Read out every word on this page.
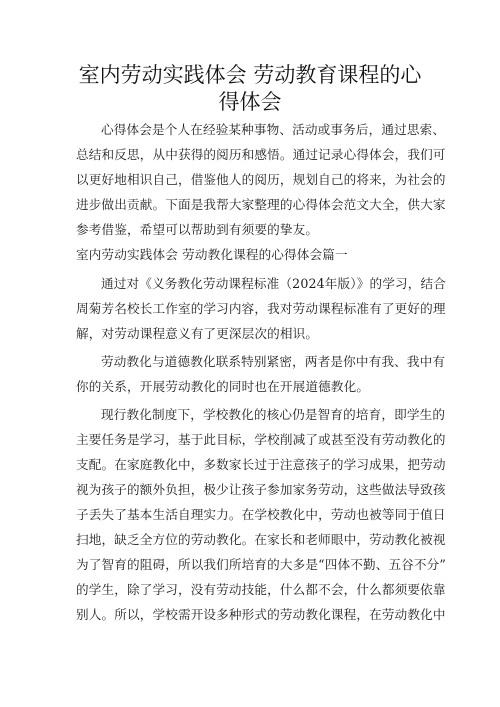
室内劳动实践体会 劳动教育课程的心
得体会
心得体会是个人在经验某种事物、活动或事务后，通过思索、
总结和反思，从中获得的阅历和感悟。通过记录心得体会，我们可
以更好地相识自己，借鉴他人的阅历，规划自己的将来，为社会的
进步做出贡献。下面是我帮大家整理的心得体会范文大全，供大家
参考借鉴，希望可以帮助到有须要的挚友。
室内劳动实践体会 劳动教化课程的心得体会篇一
通过对《义务教化劳动课程标准（2024年版）》的学习，结合
周菊芳名校长工作室的学习内容，我对劳动课程标准有了更好的理
解，对劳动课程意义有了更深层次的相识。
劳动教化与道德教化联系特别紧密，两者是你中有我、我中有
你的关系，开展劳动教化的同时也在开展道德教化。
现行教化制度下，学校教化的核心仍是智育的培育，即学生的
主要任务是学习，基于此目标，学校削减了或甚至没有劳动教化的
支配。在家庭教化中，多数家长过于注意孩子的学习成果，把劳动
视为孩子的额外负担，极少让孩子参加家务劳动，这些做法导致孩
子丢失了基本生活自理实力。在学校教化中，劳动也被等同于值日
扫地，缺乏全方位的劳动教化。在家长和老师眼中，劳动教化被视
为了智育的阻碍，所以我们所培育的大多是“四体不勤、五谷不分”
的学生，除了学习，没有劳动技能，什么都不会，什么都须要依靠
别人。所以，学校需开设多种形式的劳动教化课程，在劳动教化中
